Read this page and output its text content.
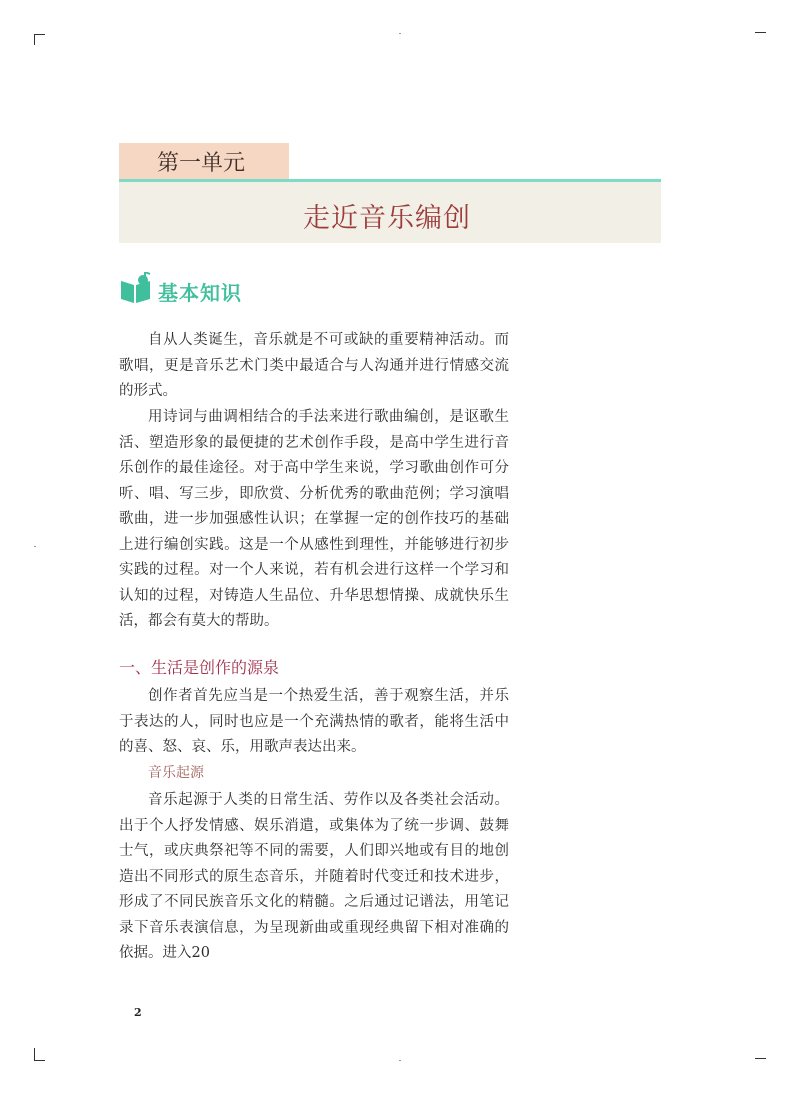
第一单元
走近音乐编创
基本知识

自从人类诞生，音乐就是不可或缺的重要精神活动。而歌唱，更是音乐艺术门类中最适合与人沟通并进行情感交流的形式。

用诗词与曲调相结合的手法来进行歌曲编创，是讴歌生活、塑造形象的最便捷的艺术创作手段，是高中学生进行音乐创作的最佳途径。对于高中学生来说，学习歌曲创作可分听、唱、写三步，即欣赏、分析优秀的歌曲范例；学习演唱歌曲，进一步加强感性认识；在掌握一定的创作技巧的基础上进行编创实践。这是一个从感性到理性，并能够进行初步实践的过程。对一个人来说，若有机会进行这样一个学习和认知的过程，对铸造人生品位、升华思想情操、成就快乐生活，都会有莫大的帮助。

一、生活是创作的源泉

创作者首先应当是一个热爱生活，善于观察生活，并乐于表达的人，同时也应是一个充满热情的歌者，能将生活中的喜、怒、哀、乐，用歌声表达出来。

音乐起源

音乐起源于人类的日常生活、劳作以及各类社会活动。出于个人抒发情感、娱乐消遣，或集体为了统一步调、鼓舞士气，或庆典祭祀等不同的需要，人们即兴地或有目的地创造出不同形式的原生态音乐，并随着时代变迁和技术进步，形成了不同民族音乐文化的精髓。之后通过记谱法，用笔记录下音乐表演信息，为呈现新曲或重现经典留下相对准确的依据。进入20

2
